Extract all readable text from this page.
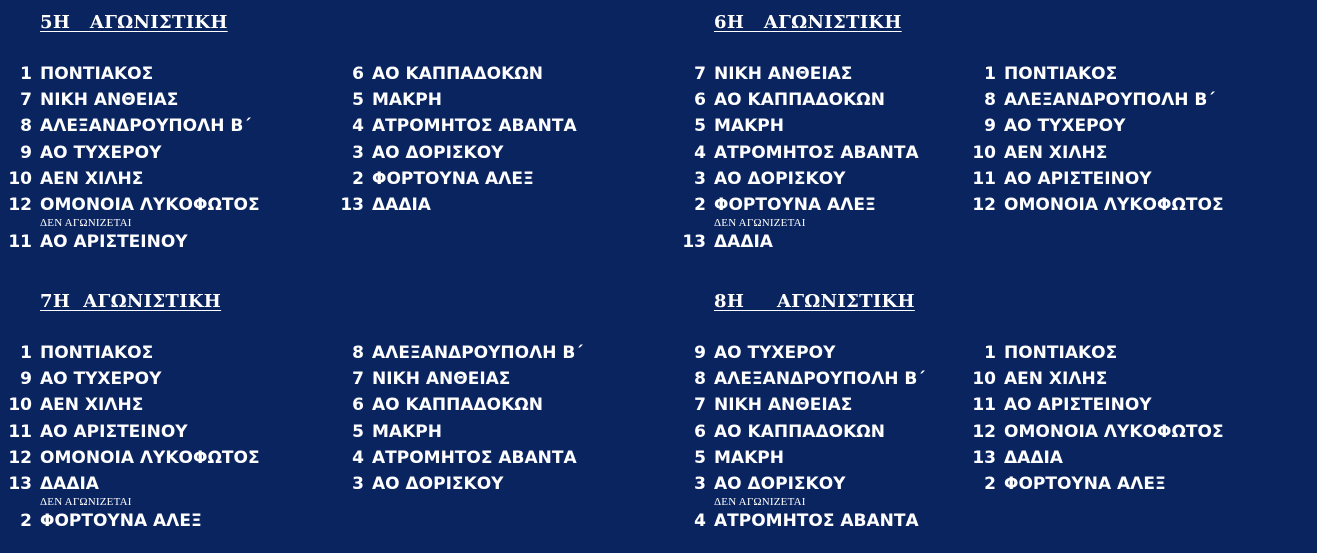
5Η   ΑΓΩΝΙΣΤΙΚΗ
1 ΠΟΝΤΙΑΚΟΣ
7 ΝΙΚΗ ΑΝΘΕΙΑΣ
8 ΑΛΕΞΑΝΔΡΟΥΠΟΛΗ Β΄
9 ΑΟ ΤΥΧΕΡΟΥ
10 ΑΕΝ ΧΙΛΗΣ
12 ΟΜΟΝΟΙΑ ΛΥΚΟΦΩΤΟΣ
6 ΑΟ ΚΑΠΠΑΔΟΚΩΝ
5 ΜΑΚΡΗ
4 ΑΤΡΟΜΗΤΟΣ ΑΒΑΝΤΑ
3 ΑΟ ΔΟΡΙΣΚΟΥ
2 ΦΟΡΤΟΥΝΑ ΑΛΕΞ
13 ΔΑΔΙΑ
ΔΕΝ ΑΓΩΝΙΖΕΤΑΙ
11 ΑΟ ΑΡΙΣΤΕΙΝΟΥ
6Η   ΑΓΩΝΙΣΤΙΚΗ
7 ΝΙΚΗ ΑΝΘΕΙΑΣ
6 ΑΟ ΚΑΠΠΑΔΟΚΩΝ
5 ΜΑΚΡΗ
4 ΑΤΡΟΜΗΤΟΣ ΑΒΑΝΤΑ
3 ΑΟ ΔΟΡΙΣΚΟΥ
2 ΦΟΡΤΟΥΝΑ ΑΛΕΞ
1 ΠΟΝΤΙΑΚΟΣ
8 ΑΛΕΞΑΝΔΡΟΥΠΟΛΗ Β΄
9 ΑΟ ΤΥΧΕΡΟΥ
10 ΑΕΝ ΧΙΛΗΣ
11 ΑΟ ΑΡΙΣΤΕΙΝΟΥ
12 ΟΜΟΝΟΙΑ ΛΥΚΟΦΩΤΟΣ
ΔΕΝ ΑΓΩΝΙΖΕΤΑΙ
13 ΔΑΔΙΑ
7Η  ΑΓΩΝΙΣΤΙΚΗ
1 ΠΟΝΤΙΑΚΟΣ
9 ΑΟ ΤΥΧΕΡΟΥ
10 ΑΕΝ ΧΙΛΗΣ
11 ΑΟ ΑΡΙΣΤΕΙΝΟΥ
12 ΟΜΟΝΟΙΑ ΛΥΚΟΦΩΤΟΣ
13 ΔΑΔΙΑ
8 ΑΛΕΞΑΝΔΡΟΥΠΟΛΗ Β΄
7 ΝΙΚΗ ΑΝΘΕΙΑΣ
6 ΑΟ ΚΑΠΠΑΔΟΚΩΝ
5 ΜΑΚΡΗ
4 ΑΤΡΟΜΗΤΟΣ ΑΒΑΝΤΑ
3 ΑΟ ΔΟΡΙΣΚΟΥ
ΔΕΝ ΑΓΩΝΙΖΕΤΑΙ
2 ΦΟΡΤΟΥΝΑ ΑΛΕΞ
8Η     ΑΓΩΝΙΣΤΙΚΗ
9 ΑΟ ΤΥΧΕΡΟΥ
8 ΑΛΕΞΑΝΔΡΟΥΠΟΛΗ Β΄
7 ΝΙΚΗ ΑΝΘΕΙΑΣ
6 ΑΟ ΚΑΠΠΑΔΟΚΩΝ
5 ΜΑΚΡΗ
3 ΑΟ ΔΟΡΙΣΚΟΥ
1 ΠΟΝΤΙΑΚΟΣ
10 ΑΕΝ ΧΙΛΗΣ
11 ΑΟ ΑΡΙΣΤΕΙΝΟΥ
12 ΟΜΟΝΟΙΑ ΛΥΚΟΦΩΤΟΣ
13 ΔΑΔΙΑ
2 ΦΟΡΤΟΥΝΑ ΑΛΕΞ
ΔΕΝ ΑΓΩΝΙΖΕΤΑΙ
4 ΑΤΡΟΜΗΤΟΣ ΑΒΑΝΤΑ
